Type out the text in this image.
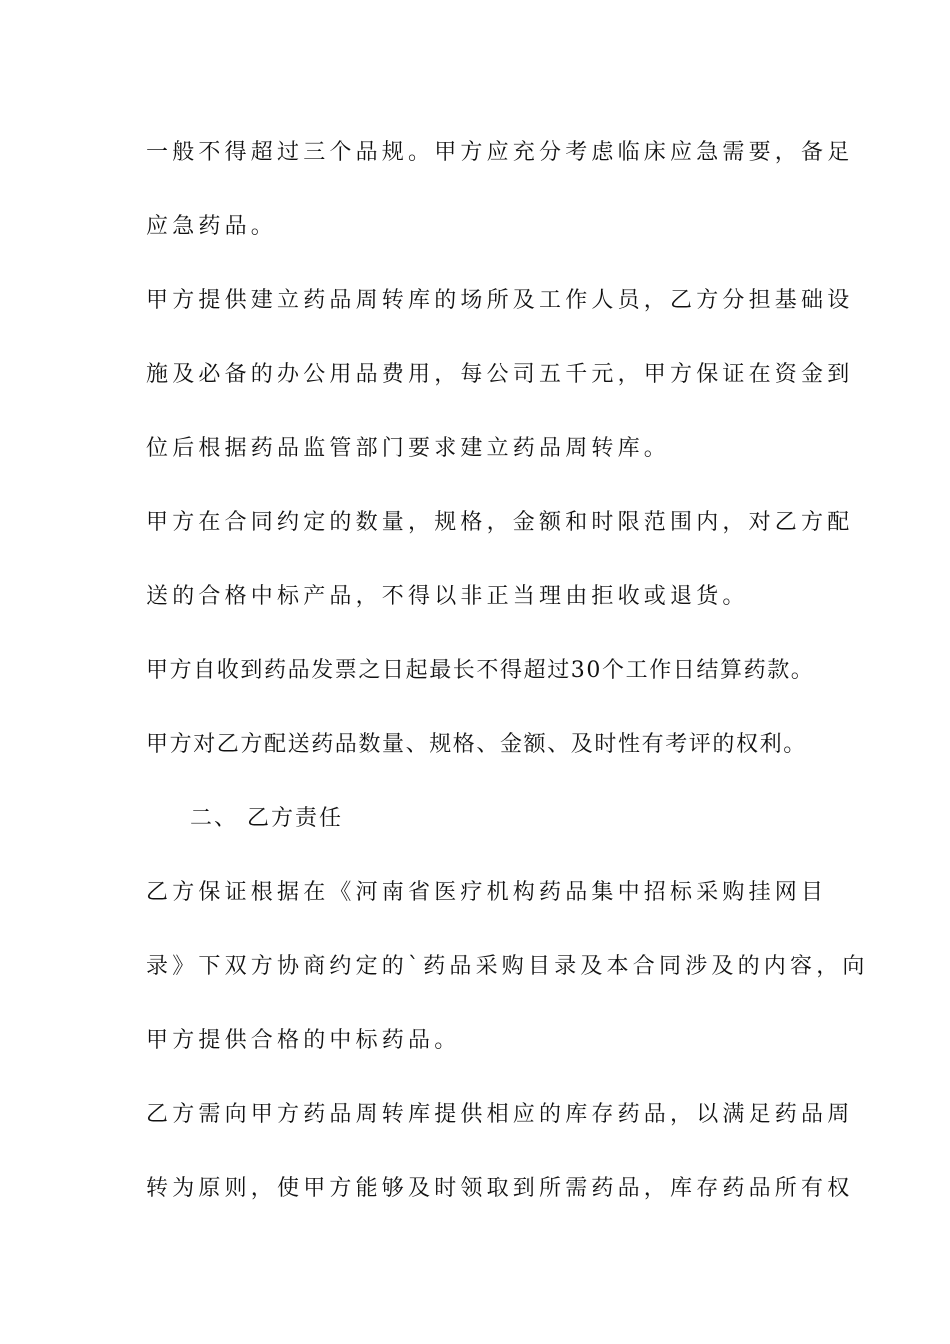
一般不得超过三个品规。甲方应充分考虑临床应急需要，备足
应急药品。
甲方提供建立药品周转库的场所及工作人员，乙方分担基础设
施及必备的办公用品费用，每公司五千元，甲方保证在资金到
位后根据药品监管部门要求建立药品周转库。
甲方在合同约定的数量，规格，金额和时限范围内，对乙方配
送的合格中标产品，不得以非正当理由拒收或退货。
甲方自收到药品发票之日起最长不得超过30个工作日结算药款。
甲方对乙方配送药品数量、规格、金额、及时性有考评的权利。
二、 乙方责任
乙方保证根据在《河南省医疗机构药品集中招标采购挂网目
录》下双方协商约定的`药品采购目录及本合同涉及的内容，向
甲方提供合格的中标药品。
乙方需向甲方药品周转库提供相应的库存药品，以满足药品周
转为原则，使甲方能够及时领取到所需药品，库存药品所有权
